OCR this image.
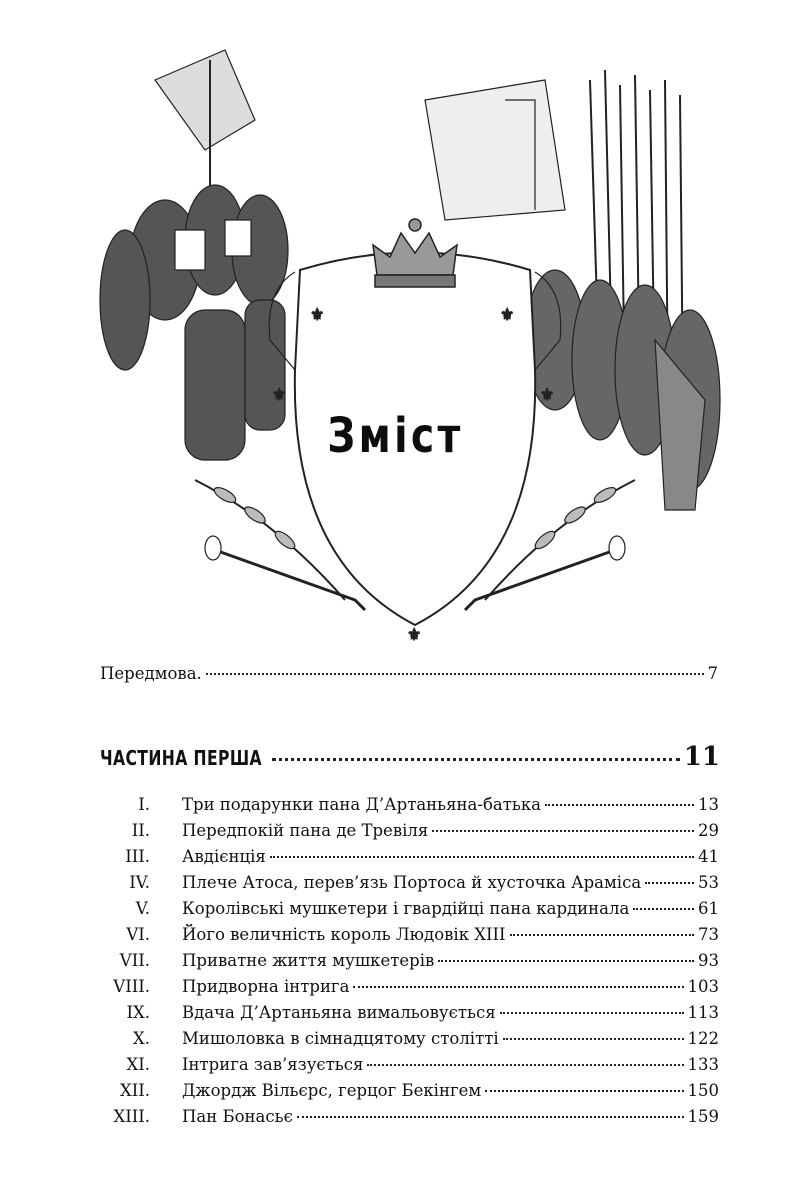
⚜	⚜
⚜	⚜
⚜
Зміст
Передмова.	7
ЧАСТИНА ПЕРША	11
I. Три подарунки пана Д’Артаньяна-батька	13
II. Передпокій пана де Тревіля	29
III. Авдієнція	41
IV. Плече Атоса, перев’язь Портоса й хусточка Араміса	53
V. Королівські мушкетери і гвардійці пана кардинала	61
VI. Його величність король Людовік XIII	73
VII. Приватне життя мушкетерів	93
VIII. Придворна інтрига	103
IX. Вдача Д’Артаньяна вимальовується	113
X. Мишоловка в сімнадцятому столітті	122
XI. Інтрига зав’язується	133
XII. Джордж Вільєрс, герцог Бекінгем	150
XIII. Пан Бонасьє	159
